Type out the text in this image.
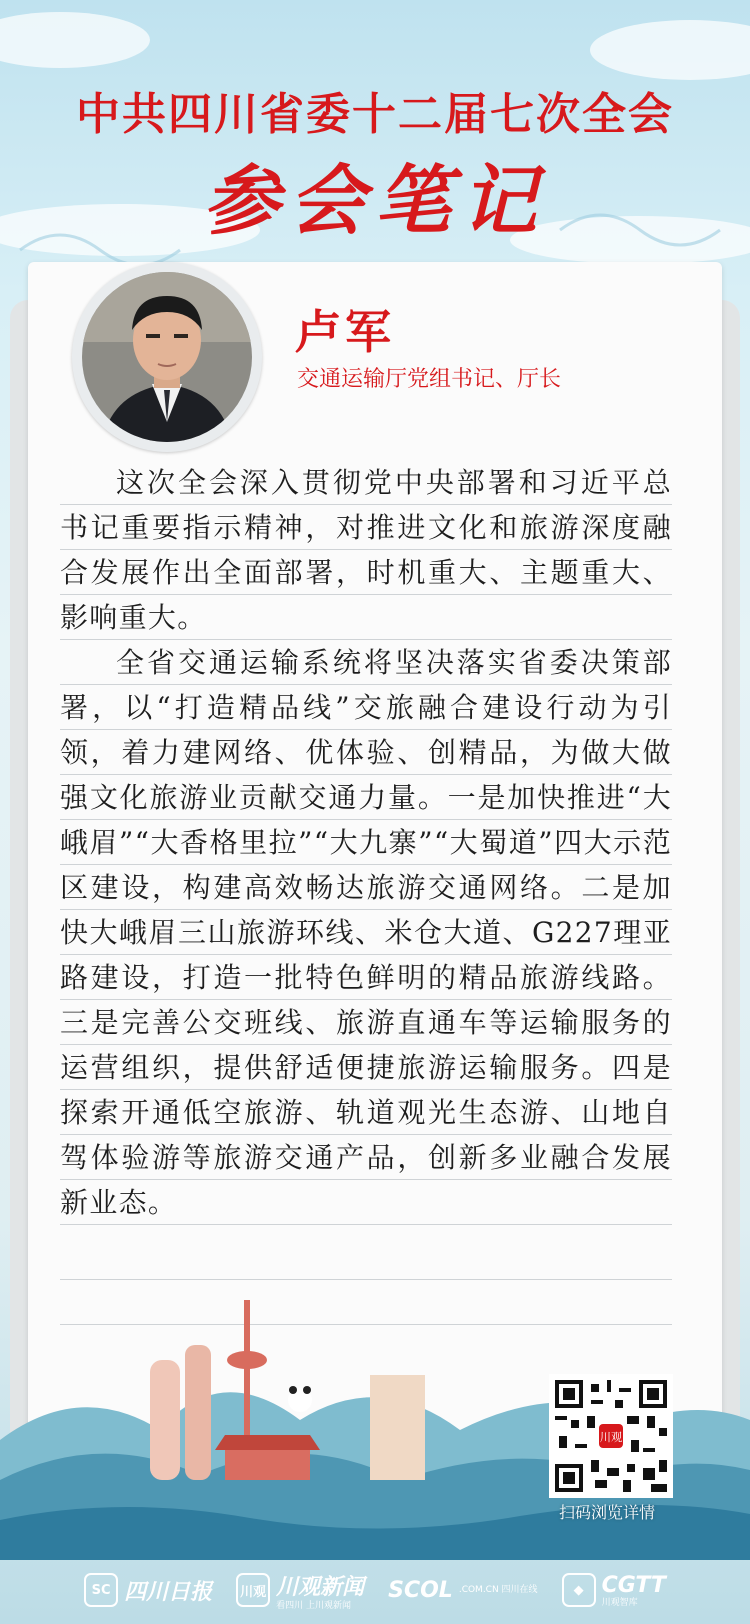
中共四川省委十二届七次全会
参会笔记
卢军
交通运输厅党组书记、厅长

这次全会深入贯彻党中央部署和习近平总书记重要指示精神，对推进文化和旅游深度融合发展作出全面部署，时机重大、主题重大、影响重大。

全省交通运输系统将坚决落实省委决策部署，以“打造精品线”交旅融合建设行动为引领，着力建网络、优体验、创精品，为做大做强文化旅游业贡献交通力量。一是加快推进“大峨眉”“大香格里拉”“大九寨”“大蜀道”四大示范区建设，构建高效畅达旅游交通网络。二是加快大峨眉三山旅游环线、米仓大道、G227理亚路建设，打造一批特色鲜明的精品旅游线路。三是完善公交班线、旅游直通车等运输服务的运营组织，提供舒适便捷旅游运输服务。四是探索开通低空旅游、轨道观光生态游、山地自驾体验游等旅游交通产品，创新多业融合发展新业态。

川观
扫码浏览详情
SC 四川日报	川观 川观新闻
看四川 上川观新闻
SCOL .COM.CN 四川在线	◆ CGTT
川观智库
